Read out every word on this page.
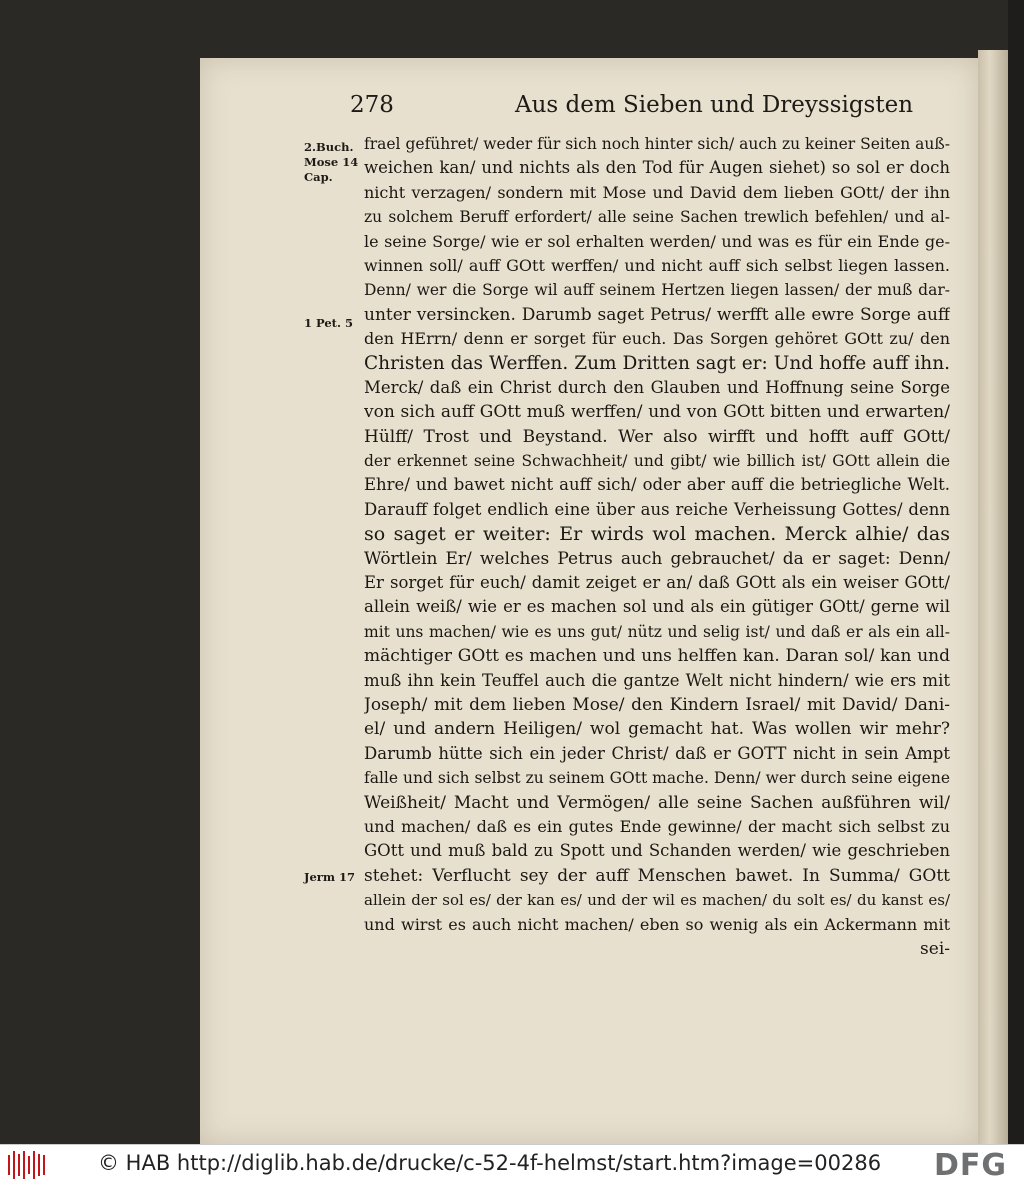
278	Aus dem Sieben und Dreyssigsten
2.Buch. Mose 14 Cap.
1 Pet. 5
Jerm 17
frael geführet/ weder für sich noch hinter sich/ auch zu keiner Seiten auß-
weichen kan/ und nichts als den Tod für Augen siehet) so sol er doch
nicht verzagen/ sondern mit Mose und David dem lieben GOtt/ der ihn
zu solchem Beruff erfordert/ alle seine Sachen trewlich befehlen/ und al-
le seine Sorge/ wie er sol erhalten werden/ und was es für ein Ende ge-
winnen soll/ auff GOtt werffen/ und nicht auff sich selbst liegen lassen.
Denn/ wer die Sorge wil auff seinem Hertzen liegen lassen/ der muß dar-
unter versincken. Darumb saget Petrus/ werfft alle ewre Sorge auff
den HErrn/ denn er sorget für euch. Das Sorgen gehöret GOtt zu/ den
Christen das Werffen. Zum Dritten sagt er: Und hoffe auff ihn.
Merck/ daß ein Christ durch den Glauben und Hoffnung seine Sorge
von sich auff GOtt muß werffen/ und von GOtt bitten und erwarten/
Hülff/ Trost und Beystand. Wer also wirfft und hofft auff GOtt/
der erkennet seine Schwachheit/ und gibt/ wie billich ist/ GOtt allein die
Ehre/ und bawet nicht auff sich/ oder aber auff die betriegliche Welt.
Darauff folget endlich eine über aus reiche Verheissung Gottes/ denn
so saget er weiter: Er wirds wol machen. Merck alhie/ das
Wörtlein Er/ welches Petrus auch gebrauchet/ da er saget: Denn/
Er sorget für euch/ damit zeiget er an/ daß GOtt als ein weiser GOtt/
allein weiß/ wie er es machen sol und als ein gütiger GOtt/ gerne wil
mit uns machen/ wie es uns gut/ nütz und selig ist/ und daß er als ein all-
mächtiger GOtt es machen und uns helffen kan. Daran sol/ kan und
muß ihn kein Teuffel auch die gantze Welt nicht hindern/ wie ers mit
Joseph/ mit dem lieben Mose/ den Kindern Israel/ mit David/ Dani-
el/ und andern Heiligen/ wol gemacht hat. Was wollen wir mehr?
Darumb hütte sich ein jeder Christ/ daß er GOTT nicht in sein Ampt
falle und sich selbst zu seinem GOtt mache. Denn/ wer durch seine eigene
Weißheit/ Macht und Vermögen/ alle seine Sachen außführen wil/
und machen/ daß es ein gutes Ende gewinne/ der macht sich selbst zu
GOtt und muß bald zu Spott und Schanden werden/ wie geschrieben
stehet: Verflucht sey der auff Menschen bawet. In Summa/ GOtt
allein der sol es/ der kan es/ und der wil es machen/ du solt es/ du kanst es/
und wirst es auch nicht machen/ eben so wenig als ein Ackermann mit
sei-
© HAB http://diglib.hab.de/drucke/c-52-4f-helmst/start.htm?image=00286 DFG
